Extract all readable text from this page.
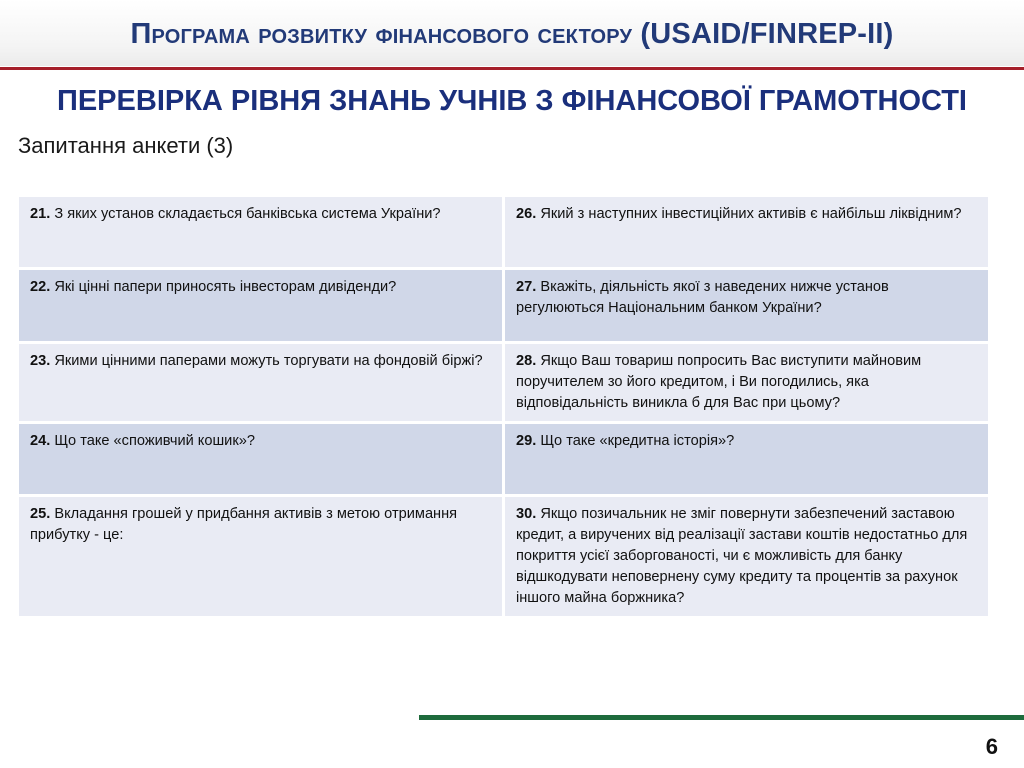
Програма розвитку фінансового сектору (USAID/FINREP-II)
ПЕРЕВІРКА РІВНЯ ЗНАНЬ УЧНІВ З ФІНАНСОВОЇ ГРАМОТНОСТІ
Запитання анкети (3)
21. З яких установ складається банківська система України?	26. Який з наступних інвестиційних активів є найбільш ліквідним?
22. Які цінні папери приносять інвесторам дивіденди?	27. Вкажіть, діяльність якої з наведених нижче установ регулюються Національним банком України?
23. Якими цінними паперами можуть торгувати на фондовій біржі?	28. Якщо Ваш товариш попросить Вас виступити майновим поручителем зо його кредитом, і Ви погодились, яка відповідальність виникла б для Вас при цьому?
24. Що таке «споживчий кошик»?	29. Що таке «кредитна історія»?
25. Вкладання грошей у придбання активів з метою отримання прибутку - це:	30. Якщо позичальник не зміг повернути забезпечений заставою кредит, а виручених від реалізації застави коштів недостатньо для покриття усієї заборгованості, чи є можливість для банку відшкодувати неповернену суму кредиту та процентів за рахунок іншого майна боржника?
6
